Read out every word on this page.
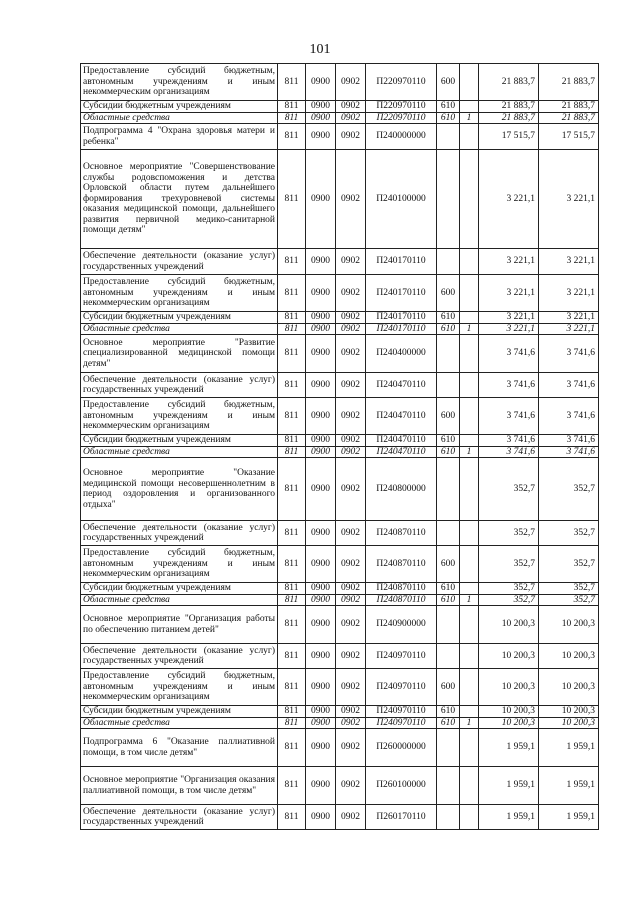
101
Предоставление субсидий бюджетным, автономным учреждениям и иным некоммерческим организациям	811	0900	0902	П220970110	600		21 883,7	21 883,7
Субсидии бюджетным учреждениям	811	0900	0902	П220970110	610		21 883,7	21 883,7
Областные средства	811	0900	0902	П220970110	610	1	21 883,7	21 883,7
Подпрограмма 4 "Охрана здоровья матери и ребенка"	811	0900	0902	П240000000			17 515,7	17 515,7
Основное мероприятие "Совершенствование службы родовспоможения и детства Орловской области путем дальнейшего формирования трехуровневой системы оказания медицинской помощи, дальнейшего развития первичной медико-санитарной помощи детям"	811	0900	0902	П240100000			3 221,1	3 221,1
Обеспечение деятельности (оказание услуг) государственных учреждений	811	0900	0902	П240170110			3 221,1	3 221,1
Предоставление субсидий бюджетным, автономным учреждениям и иным некоммерческим организациям	811	0900	0902	П240170110	600		3 221,1	3 221,1
Субсидии бюджетным учреждениям	811	0900	0902	П240170110	610		3 221,1	3 221,1
Областные средства	811	0900	0902	П240170110	610	1	3 221,1	3 221,1
Основное мероприятие "Развитие специализированной медицинской помощи детям"	811	0900	0902	П240400000			3 741,6	3 741,6
Обеспечение деятельности (оказание услуг) государственных учреждений	811	0900	0902	П240470110			3 741,6	3 741,6
Предоставление субсидий бюджетным, автономным учреждениям и иным некоммерческим организациям	811	0900	0902	П240470110	600		3 741,6	3 741,6
Субсидии бюджетным учреждениям	811	0900	0902	П240470110	610		3 741,6	3 741,6
Областные средства	811	0900	0902	П240470110	610	1	3 741,6	3 741,6
Основное мероприятие "Оказание медицинской помощи несовершеннолетним в период оздоровления и организованного отдыха"	811	0900	0902	П240800000			352,7	352,7
Обеспечение деятельности (оказание услуг) государственных учреждений	811	0900	0902	П240870110			352,7	352,7
Предоставление субсидий бюджетным, автономным учреждениям и иным некоммерческим организациям	811	0900	0902	П240870110	600		352,7	352,7
Субсидии бюджетным учреждениям	811	0900	0902	П240870110	610		352,7	352,7
Областные средства	811	0900	0902	П240870110	610	1	352,7	352,7
Основное мероприятие "Организация работы по обеспечению питанием детей"	811	0900	0902	П240900000			10 200,3	10 200,3
Обеспечение деятельности (оказание услуг) государственных учреждений	811	0900	0902	П240970110			10 200,3	10 200,3
Предоставление субсидий бюджетным, автономным учреждениям и иным некоммерческим организациям	811	0900	0902	П240970110	600		10 200,3	10 200,3
Субсидии бюджетным учреждениям	811	0900	0902	П240970110	610		10 200,3	10 200,3
Областные средства	811	0900	0902	П240970110	610	1	10 200,3	10 200,3
Подпрограмма 6 "Оказание паллиативной помощи, в том числе детям"	811	0900	0902	П260000000			1 959,1	1 959,1
Основное мероприятие "Организация оказания паллиативной помощи, в том числе детям"	811	0900	0902	П260100000			1 959,1	1 959,1
Обеспечение деятельности (оказание услуг) государственных учреждений	811	0900	0902	П260170110			1 959,1	1 959,1
